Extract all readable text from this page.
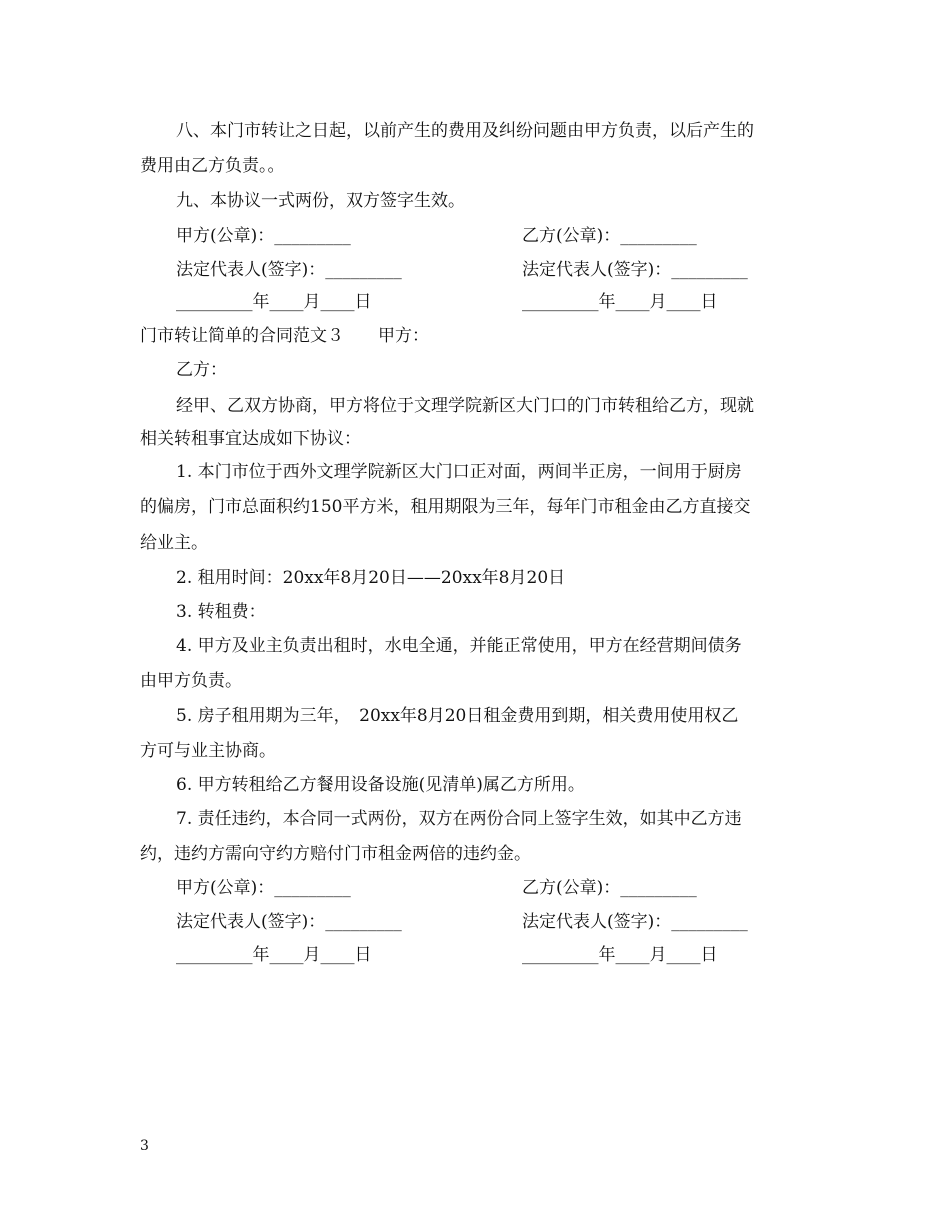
八、本门市转让之日起，以前产生的费用及纠纷问题由甲方负责，以后产生的
费用由乙方负责。。
九、本协议一式两份，双方签字生效。
甲方(公章)：_________	乙方(公章)：_________
法定代表人(签字)：_________	法定代表人(签字)：_________
_________年____月____日	_________年____月____日
门市转让简单的合同范文３　　甲方：
乙方：
经甲、乙双方协商，甲方将位于文理学院新区大门口的门市转租给乙方，现就
相关转租事宜达成如下协议：
1. 本门市位于西外文理学院新区大门口正对面，两间半正房，一间用于厨房
的偏房，门市总面积约150平方米，租用期限为三年，每年门市租金由乙方直接交
给业主。
2. 租用时间：20xx年8月20日——20xx年8月20日
3. 转租费：
4. 甲方及业主负责出租时，水电全通，并能正常使用，甲方在经营期间债务
由甲方负责。
5. 房子租用期为三年，　20xx年8月20日租金费用到期，相关费用使用权乙
方可与业主协商。
6. 甲方转租给乙方餐用设备设施(见清单)属乙方所用。
7. 责任违约，本合同一式两份，双方在两份合同上签字生效，如其中乙方违
约，违约方需向守约方赔付门市租金两倍的违约金。
甲方(公章)：_________	乙方(公章)：_________
法定代表人(签字)：_________	法定代表人(签字)：_________
_________年____月____日	_________年____月____日
3
